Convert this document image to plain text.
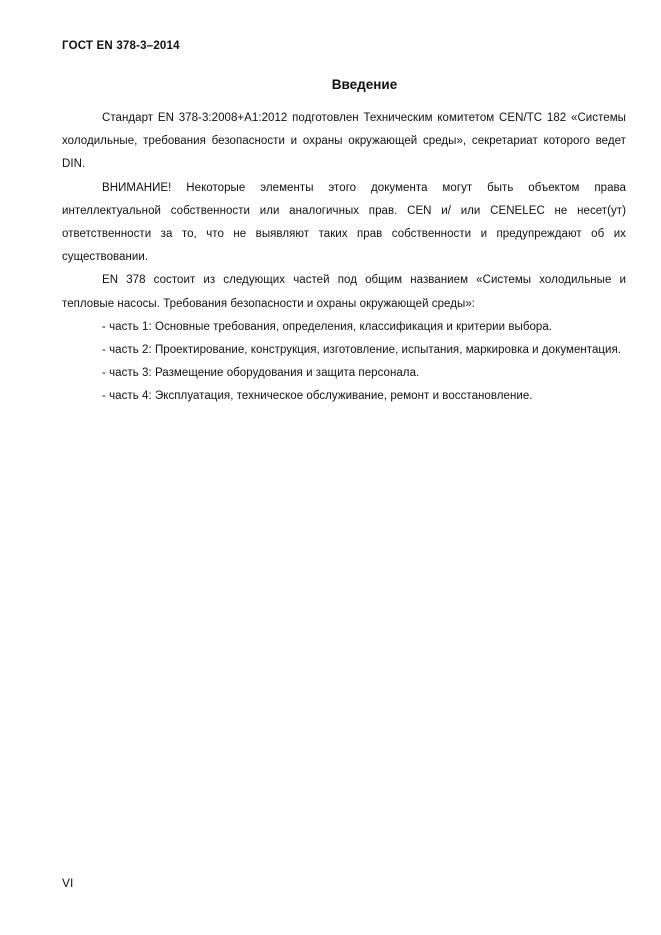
ГОСТ EN 378-3–2014
Введение

Стандарт EN 378-3:2008+A1:2012 подготовлен Техническим комитетом CEN/TC 182 «Системы холодильные, требования безопасности и охраны окружающей среды», секретариат которого ведет DIN.

ВНИМАНИЕ! Некоторые элементы этого документа могут быть объектом права интеллектуальной собственности или аналогичных прав. CEN и/ или CENELEC не несет(ут) ответственности за то, что не выявляют таких прав собственности и предупреждают об их существовании.

EN 378 состоит из следующих частей под общим названием «Системы холодильные и тепловые насосы. Требования безопасности и охраны окружающей среды»:

- часть 1: Основные требования, определения, классификация и критерии выбора.

- часть 2: Проектирование, конструкция, изготовление, испытания, маркировка и документация.

- часть 3: Размещение оборудования и защита персонала.

- часть 4: Эксплуатация, техническое обслуживание, ремонт и восстановление.

VI
